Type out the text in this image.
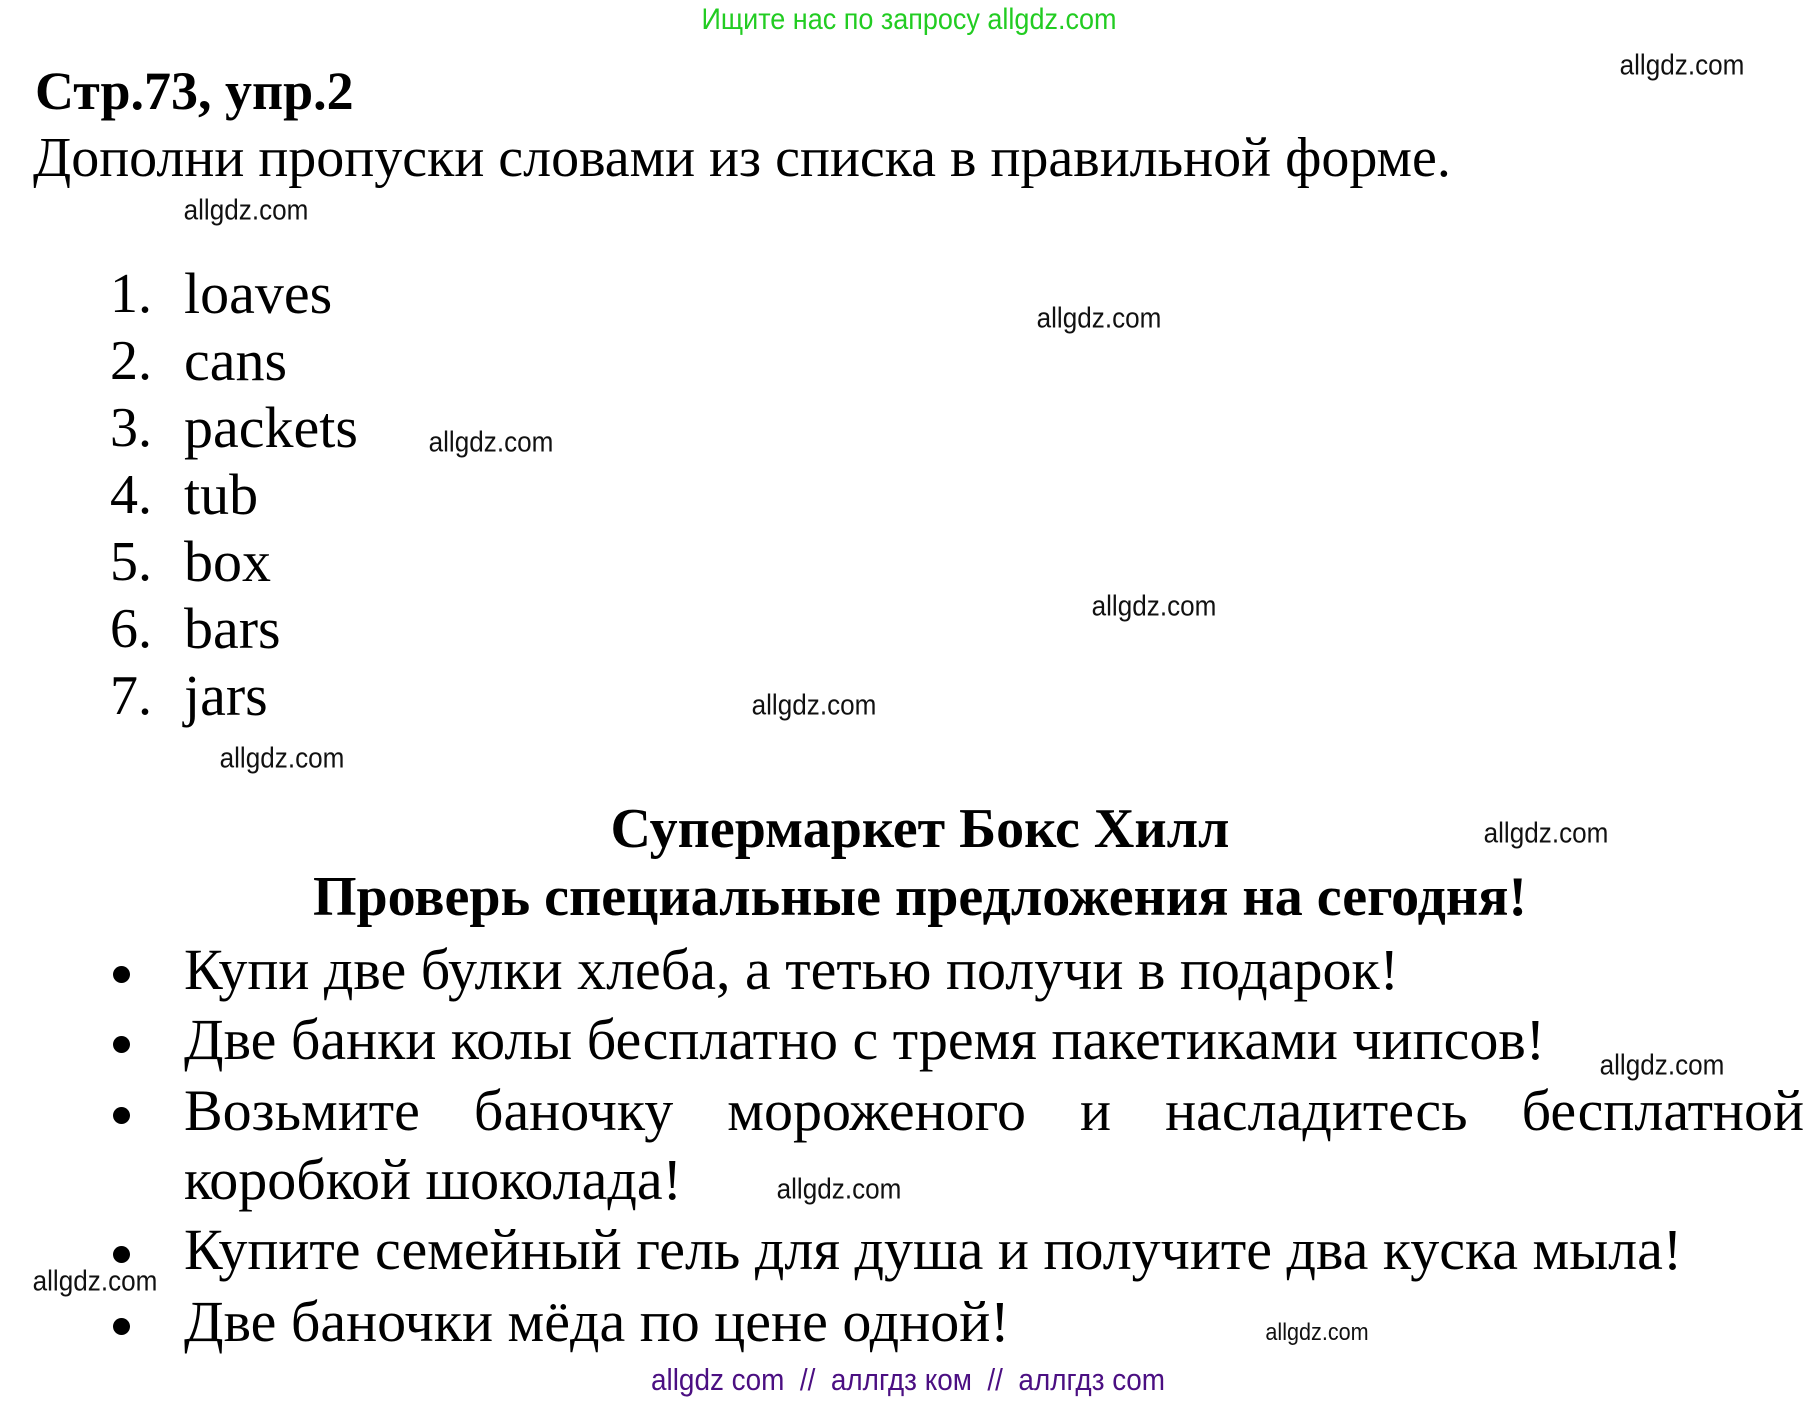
Ищите нас по запросу allgdz.com
Стр.73, упр.2
Дополни пропуски словами из списка в правильной форме.
1. loaves
2. cans
3. packets
4. tub
5. box
6. bars
7. jars
Супермаркет Бокс Хилл
Проверь специальные предложения на сегодня!
Купи две булки хлеба, а тетью получи в подарок!
Две банки колы бесплатно с тремя пакетиками чипсов!
Возьмите баночку мороженого и насладитесь бесплатной
коробкой шоколада!
Купите семейный гель для душа и получите два куска мыла!
Две баночки мёда по цене одной!
allgdz.com
allgdz.com
allgdz.com
allgdz.com
allgdz.com
allgdz.com
allgdz.com
allgdz.com
allgdz.com
allgdz.com
allgdz.com
allgdz.com
allgdz com  //  аллгдз ком  //  аллгдз com
